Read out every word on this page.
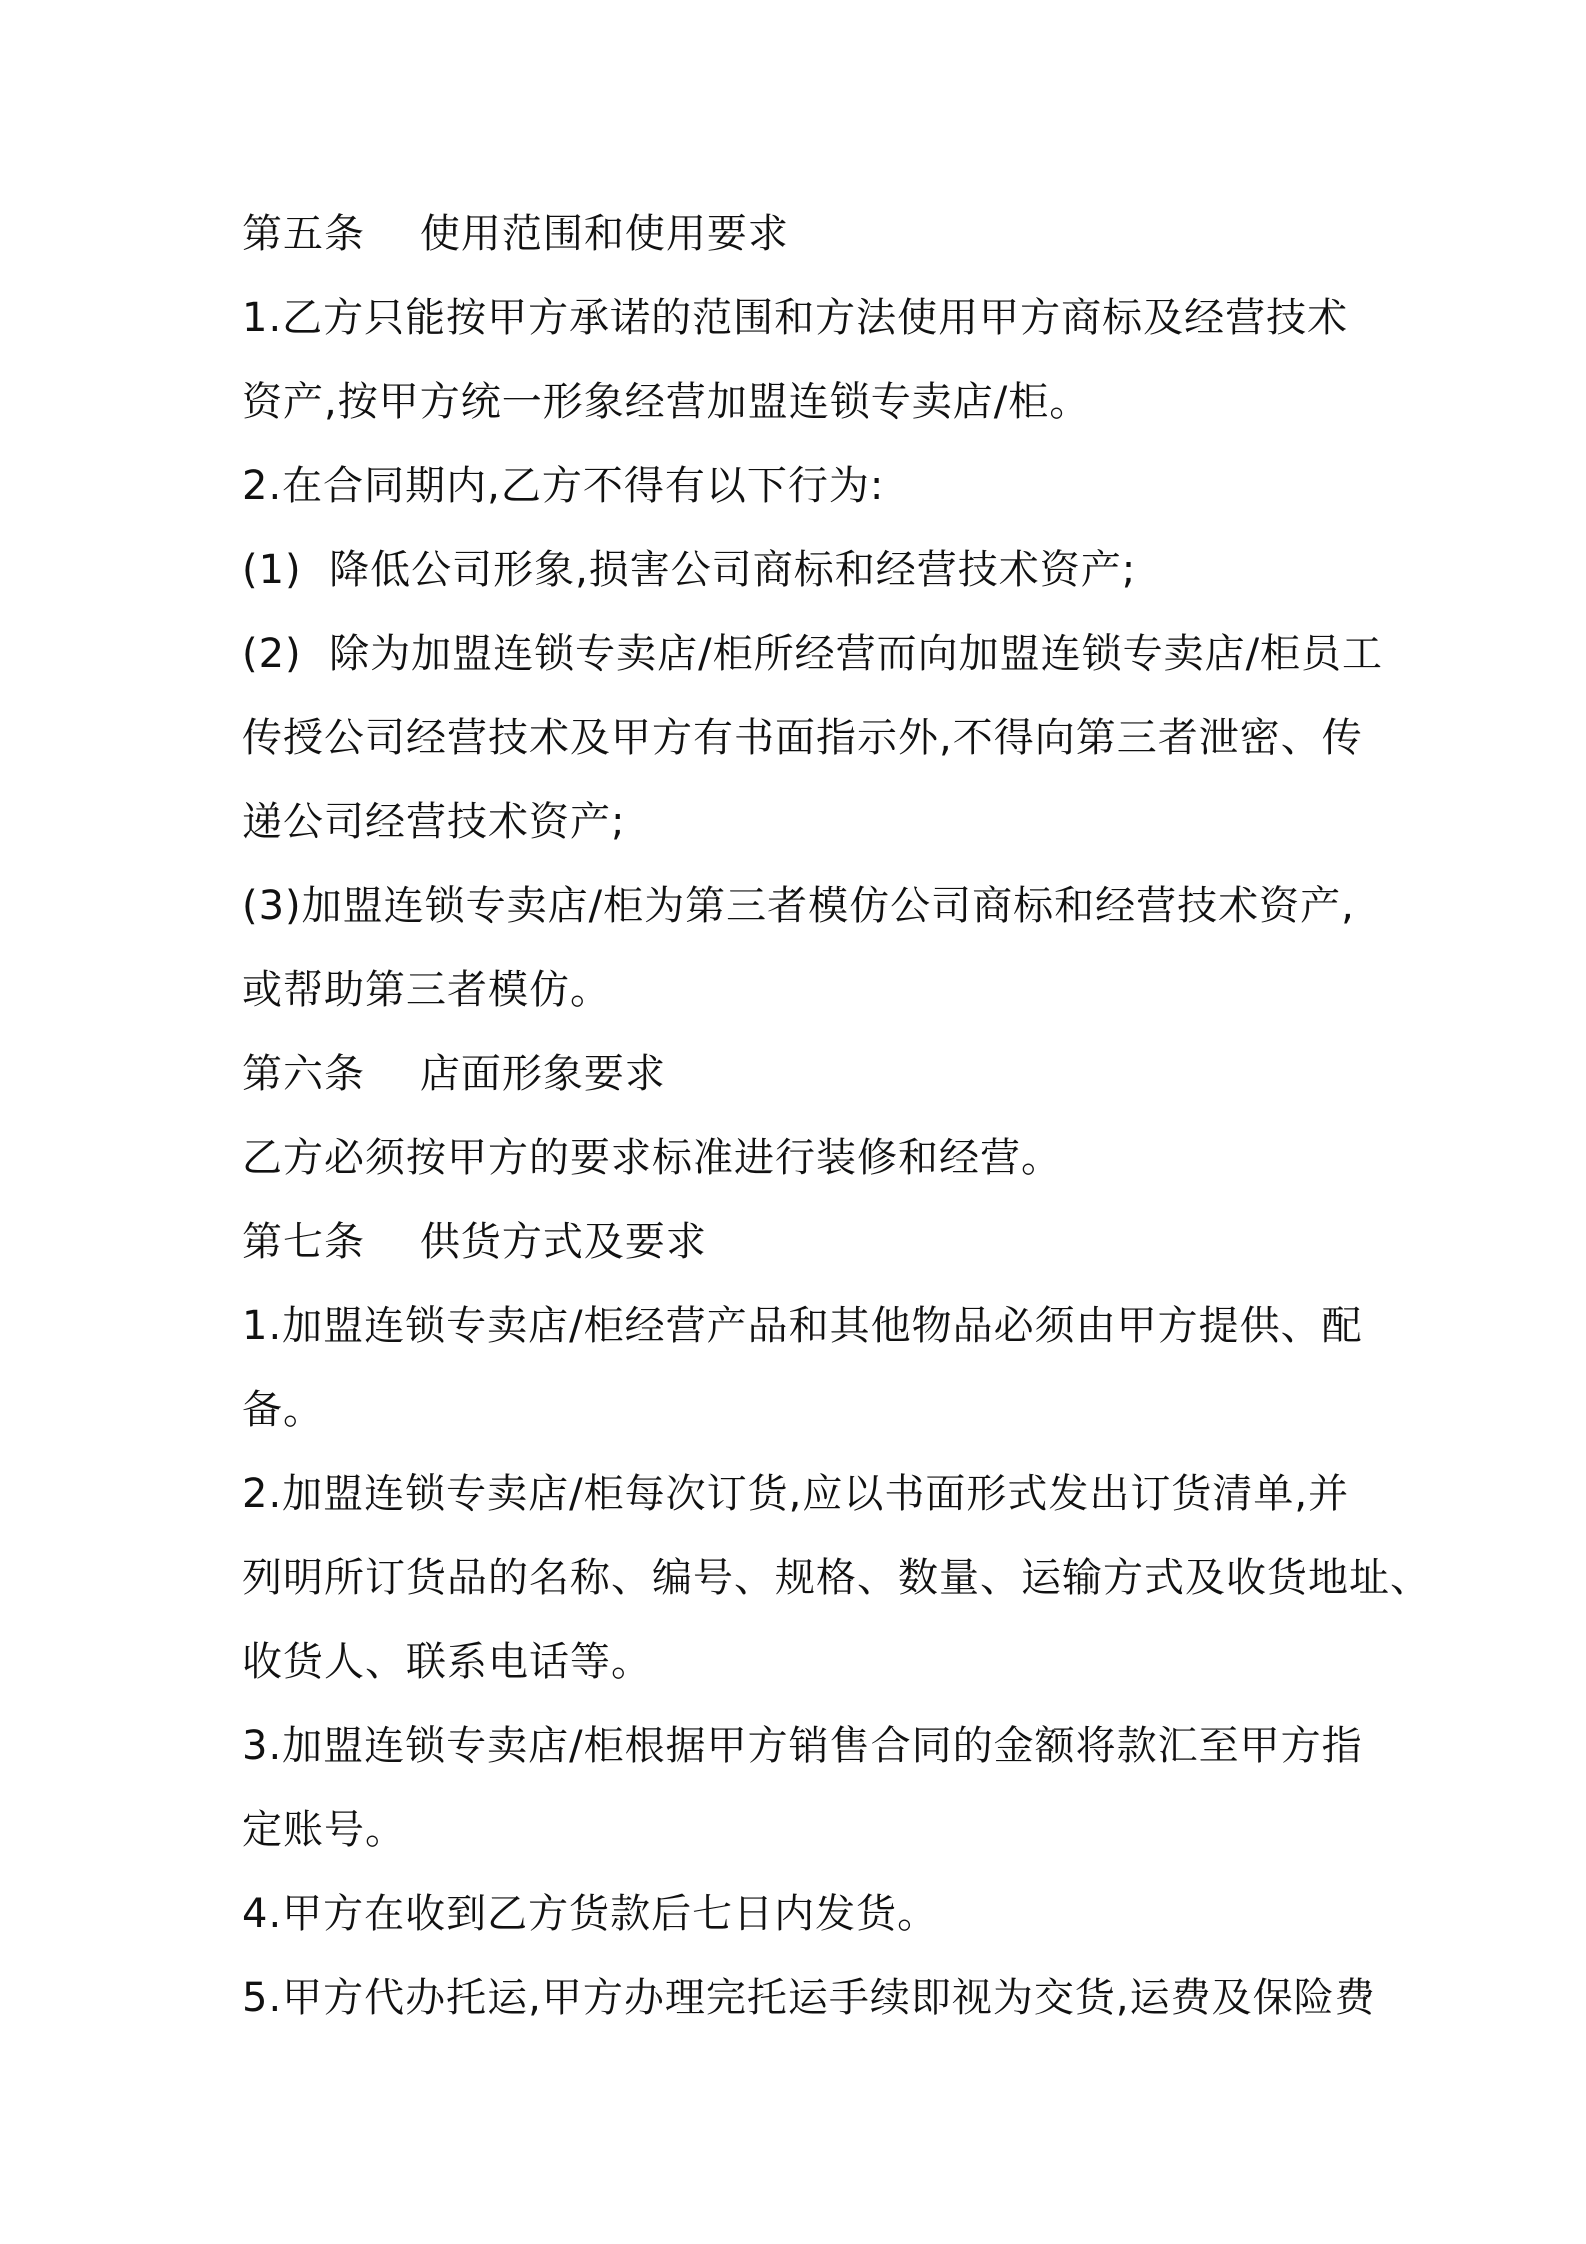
第五条    使用范围和使用要求
1.乙方只能按甲方承诺的范围和方法使用甲方商标及经营技术
资产,按甲方统一形象经营加盟连锁专卖店/柜。
2.在合同期内,乙方不得有以下行为:
(1)  降低公司形象,损害公司商标和经营技术资产;
(2)  除为加盟连锁专卖店/柜所经营而向加盟连锁专卖店/柜员工
传授公司经营技术及甲方有书面指示外,不得向第三者泄密、传
递公司经营技术资产;
(3)加盟连锁专卖店/柜为第三者模仿公司商标和经营技术资产,
或帮助第三者模仿。
第六条    店面形象要求
乙方必须按甲方的要求标准进行装修和经营。
第七条    供货方式及要求
1.加盟连锁专卖店/柜经营产品和其他物品必须由甲方提供、配
备。
2.加盟连锁专卖店/柜每次订货,应以书面形式发出订货清单,并
列明所订货品的名称、编号、规格、数量、运输方式及收货地址、
收货人、联系电话等。
3.加盟连锁专卖店/柜根据甲方销售合同的金额将款汇至甲方指
定账号。
4.甲方在收到乙方货款后七日内发货。
5.甲方代办托运,甲方办理完托运手续即视为交货,运费及保险费
